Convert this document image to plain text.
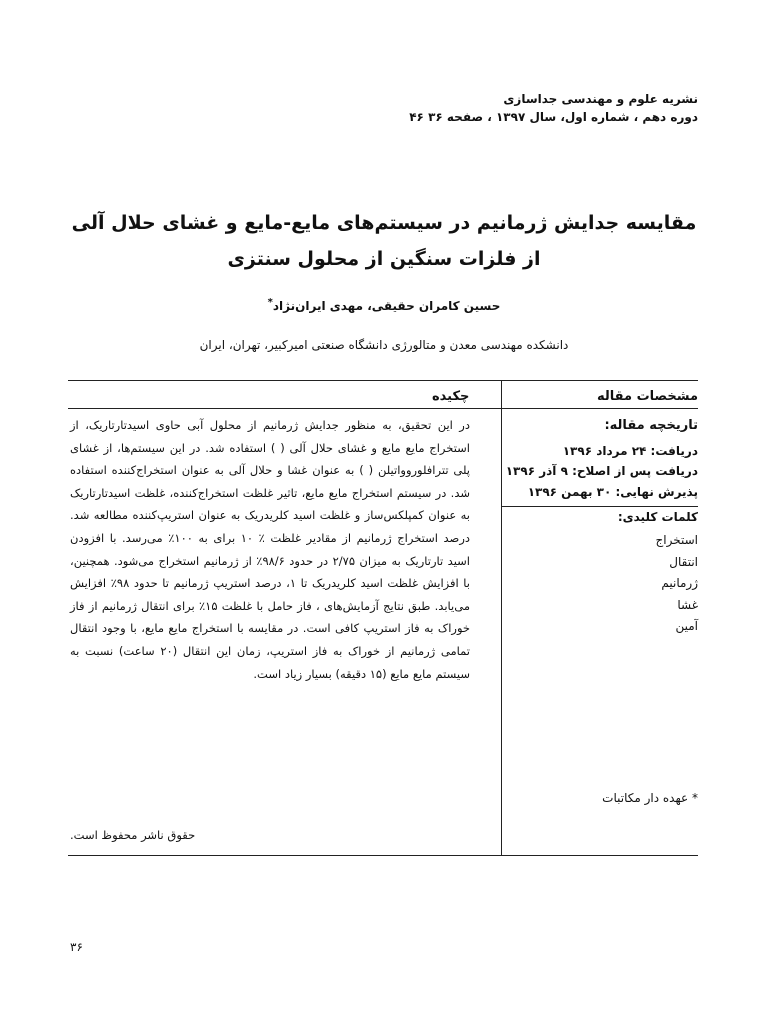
نشریه علوم و مهندسی جداسازی
دوره دهم ، شماره اول، سال ۱۳۹۷ ، صفحه ۳۶ ۴۶
مقایسه جدایش ژرمانیم در سیستم‌های مایع-مایع و غشای حلال آلی از فلزات سنگین از محلول سنتزی
حسین کامران حقیقی، مهدی ایران‌نژاد*
دانشکده مهندسی معدن و متالورژی دانشگاه صنعتی امیرکبیر، تهران، ایران
چکیده	مشخصات مقاله
در این تحقیق، به منظور جدایش ژرمانیم از محلول آبی حاوی اسیدتارتاریک، از استخراج مایع مایع و غشای حلال آلی ( ) استفاده شد. در این سیستم‌ها، از غشای پلی تترافلوروواتیلن ( ) به عنوان غشا و حلال آلی به عنوان استخراج‌کننده استفاده شد. در سیستم استخراج مایع مایع، تاثیر غلظت استخراج‌کننده، غلظت اسیدتارتاریک به عنوان کمپلکس‌ساز و غلظت اسید کلریدریک به عنوان استریپ‌کننده مطالعه شد. درصد استخراج ژرمانیم از مقادیر غلظت ٪ ۱۰ برای به ۱۰۰٪ می‌رسد. با افزودن اسید تارتاریک به میزان ۲/۷۵ در حدود ۹۸/۶٪ از ژرمانیم استخراج می‌شود. همچنین، با افزایش غلظت اسید کلریدریک تا ۱، درصد استریپ ژرمانیم تا حدود ۹۸٪ افزایش می‌یابد. طبق نتایج آزمایش‌های ، فاز حامل با غلظت ۱۵٪ برای انتقال ژرمانیم از فاز خوراک به فاز استریپ کافی است. در مقایسه با استخراج مایع مایع، با وجود انتقال تمامی ژرمانیم از خوراک به فاز استریپ، زمان این انتقال (۲۰ ساعت) نسبت به سیستم مایع مایع (۱۵ دقیقه) بسیار زیاد است.
تاریخچه مقاله:
دریافت: ۲۴ مرداد ۱۳۹۶
دریافت پس از اصلاح: ۹ آذر ۱۳۹۶
پذیرش نهایی: ۳۰ بهمن ۱۳۹۶
کلمات کلیدی:
استخراج
انتقال
ژرمانیم
غشا
آمین
* عهده دار مکاتبات
حقوق ناشر محفوظ است.
۳۶
